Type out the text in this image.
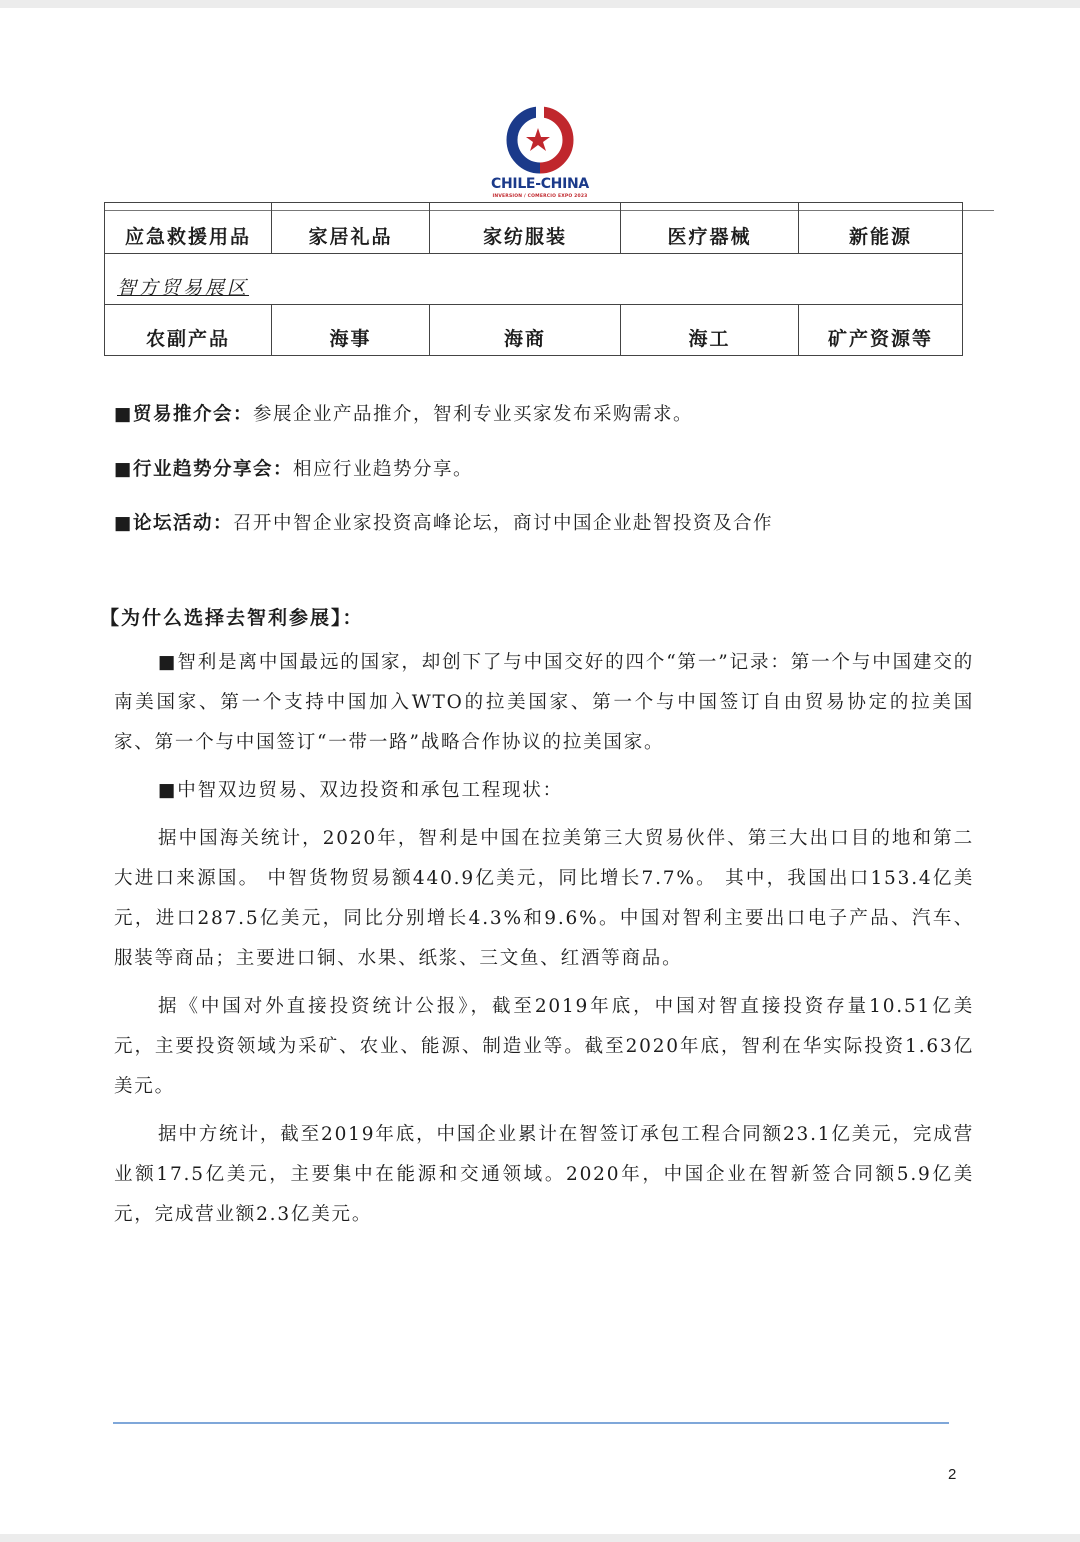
CHILE-CHINA
INVERSION / COMERCIO EXPO 2023
应急救援用品	家居礼品	家纺服装	医疗器械	新能源
智方贸易展区				
农副产品	海事	海商	海工	矿产资源等
■贸易推介会：参展企业产品推介，智利专业买家发布采购需求。
■行业趋势分享会：相应行业趋势分享。
■论坛活动：召开中智企业家投资高峰论坛，商讨中国企业赴智投资及合作
【为什么选择去智利参展】：
■智利是离中国最远的国家，却创下了与中国交好的四个“第一”记录：第一个与中国建交的南美国家、第一个支持中国加入WTO的拉美国家、第一个与中国签订自由贸易协定的拉美国家、第一个与中国签订“一带一路”战略合作协议的拉美国家。
■中智双边贸易、双边投资和承包工程现状：
据中国海关统计，2020年，智利是中国在拉美第三大贸易伙伴、第三大出口目的地和第二大进口来源国。 中智货物贸易额440.9亿美元，同比增长7.7%。 其中，我国出口153.4亿美元，进口287.5亿美元，同比分别增长4.3%和9.6%。中国对智利主要出口电子产品、汽车、服装等商品；主要进口铜、水果、纸浆、三文鱼、红酒等商品。
据《中国对外直接投资统计公报》，截至2019年底，中国对智直接投资存量10.51亿美元，主要投资领域为采矿、农业、能源、制造业等。截至2020年底，智利在华实际投资1.63亿美元。
据中方统计，截至2019年底，中国企业累计在智签订承包工程合同额23.1亿美元，完成营业额17.5亿美元，主要集中在能源和交通领域。2020年，中国企业在智新签合同额5.9亿美元，完成营业额2.3亿美元。
2
